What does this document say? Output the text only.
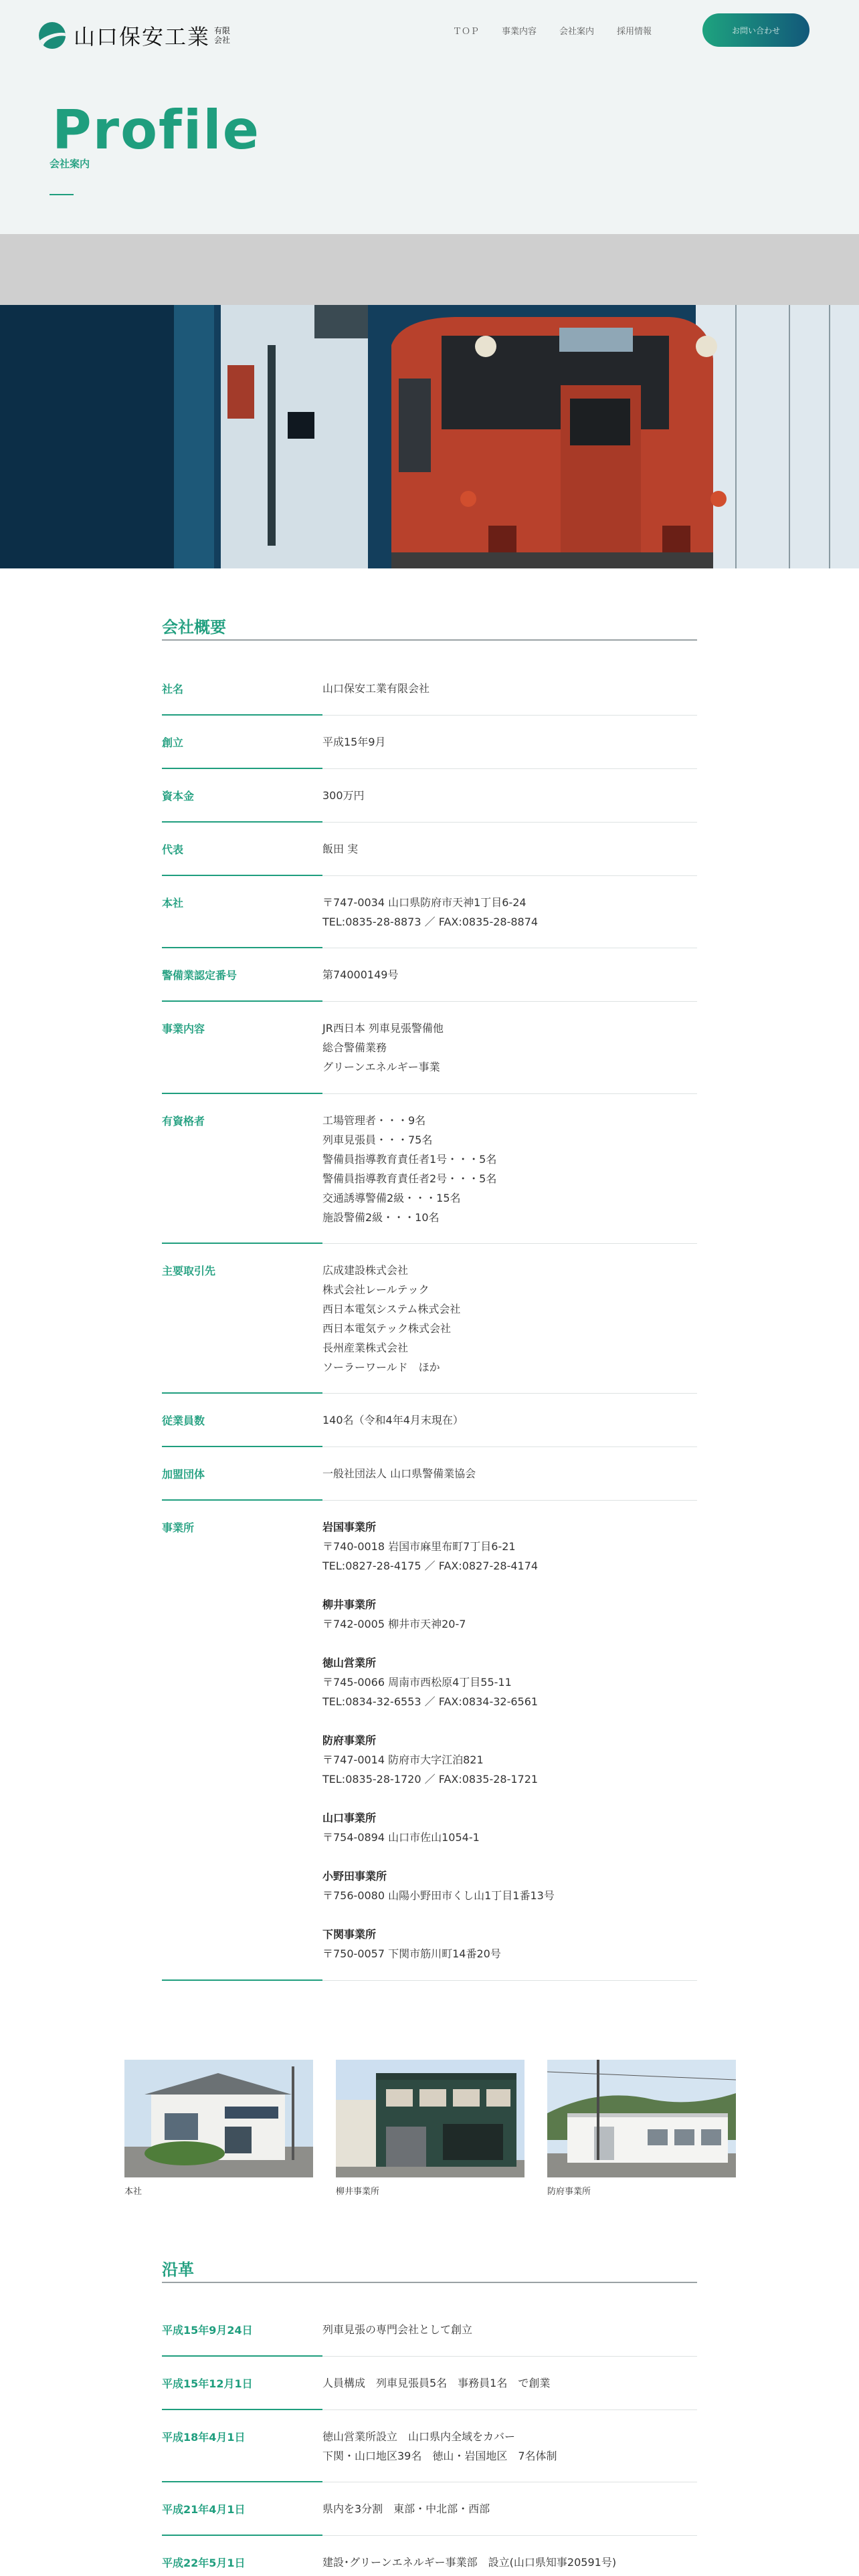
山口保安工業 有限会社
ＴＯＰ	事業内容	会社案内	採用情報	お問い合わせ
Profile
会社案内
会社概要
社名	山口保安工業有限会社
創立	平成15年9月
資本金	300万円
代表	飯田 実
本社	〒747-0034 山口県防府市天神1丁目6-24
TEL:0835-28-8873 ／ FAX:0835-28-8874
警備業認定番号	第74000149号
事業内容	JR西日本 列車見張警備他
総合警備業務
グリーンエネルギー事業
有資格者	工場管理者・・・9名
列車見張員・・・75名
警備員指導教育責任者1号・・・5名
警備員指導教育責任者2号・・・5名
交通誘導警備2級・・・15名
施設警備2級・・・10名
主要取引先	広成建設株式会社
株式会社レールテック
西日本電気システム株式会社
西日本電気テック株式会社
長州産業株式会社
ソーラーワールド　ほか
従業員数	140名（令和4年4月末現在）
加盟団体	一般社団法人 山口県警備業協会
事業所	岩国事業所
〒740-0018 岩国市麻里布町7丁目6-21
TEL:0827-28-4175 ／ FAX:0827-28-4174
柳井事業所
〒742-0005 柳井市天神20-7
徳山営業所
〒745-0066 周南市西松原4丁目55-11
TEL:0834-32-6553 ／ FAX:0834-32-6561
防府事業所
〒747-0014 防府市大字江泊821
TEL:0835-28-1720 ／ FAX:0835-28-1721
山口事業所
〒754-0894 山口市佐山1054-1
小野田事業所
〒756-0080 山陽小野田市くし山1丁目1番13号
下関事業所
〒750-0057 下関市筋川町14番20号
本社	柳井事業所	防府事業所
沿革
平成15年9月24日	列車見張の専門会社として創立
平成15年12月1日	人員構成　列車見張員5名　事務員1名　で創業
平成18年4月1日	徳山営業所設立　山口県内全域をカバー
下関・山口地区39名　徳山・岩国地区　7名体制
平成21年4月1日	県内を3分割　東部・中北部・西部
平成22年5月1日	建設･グリーンエネルギー事業部　設立(山口県知事20591号)
